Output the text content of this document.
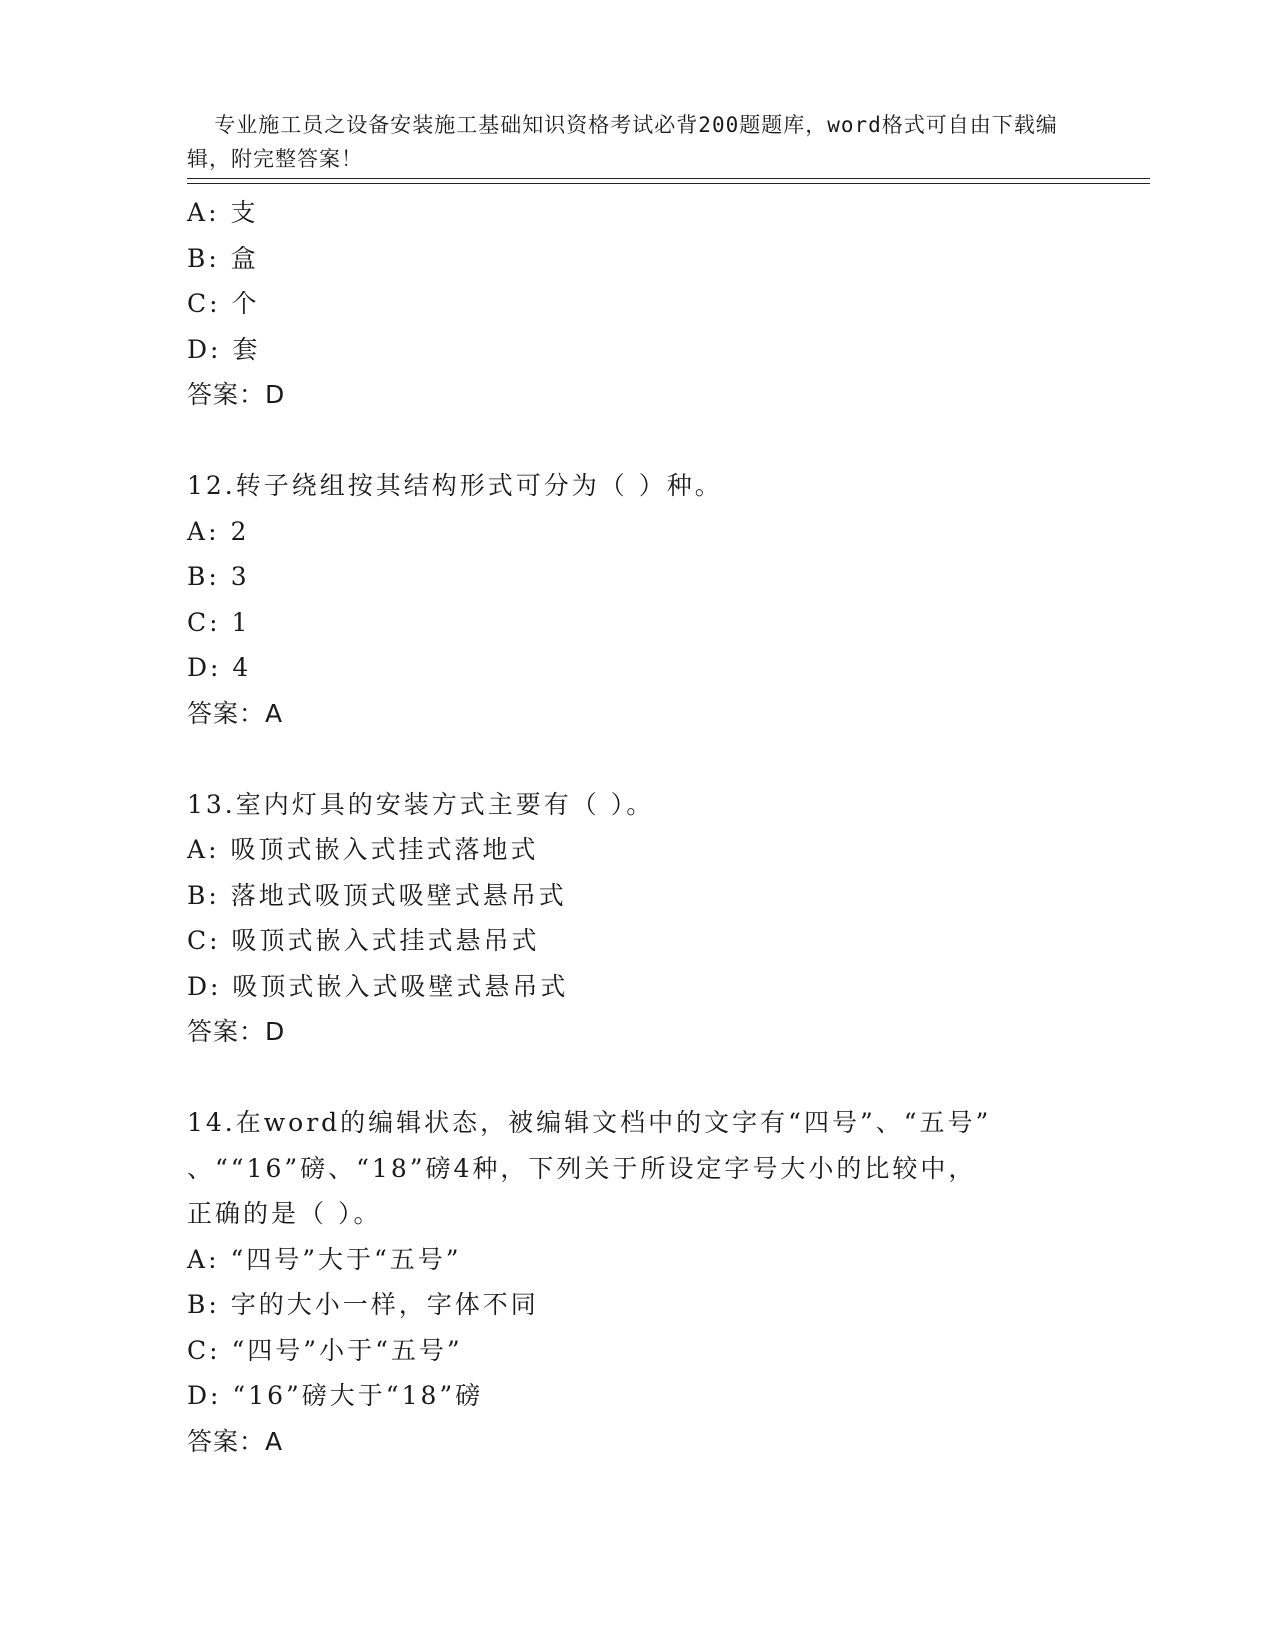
专业施工员之设备安装施工基础知识资格考试必背200题题库，word格式可自由下载编辑，附完整答案！

A: 支
B: 盒
C: 个
D: 套
答案：D
12.转子绕组按其结构形式可分为（ ）种。
A: 2
B: 3
C: 1
D: 4
答案：A
13.室内灯具的安装方式主要有（ ）。
A: 吸顶式嵌入式挂式落地式
B: 落地式吸顶式吸壁式悬吊式
C: 吸顶式嵌入式挂式悬吊式
D: 吸顶式嵌入式吸壁式悬吊式
答案：D
14.在word的编辑状态，被编辑文档中的文字有“四号”、“五号”
、““16”磅、“18”磅4种，下列关于所设定字号大小的比较中，
正确的是（ ）。
A: “四号”大于“五号”
B: 字的大小一样，字体不同
C: “四号”小于“五号”
D: “16”磅大于“18”磅
答案：A
